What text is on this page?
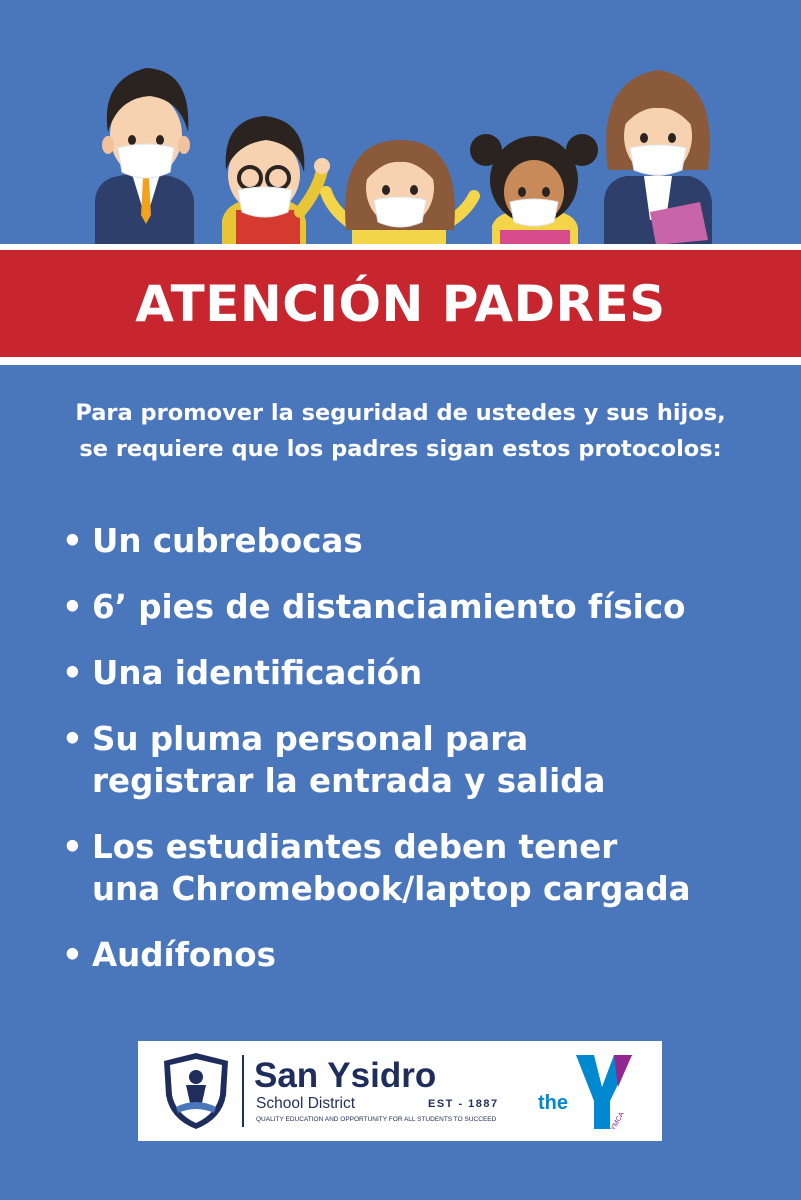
ATENCIÓN PADRES
Para promover la seguridad de ustedes y sus hijos,
se requiere que los padres sigan estos protocolos:
• Un cubrebocas
• 6’ pies de distanciamiento físico
• Una identificación
• Su pluma personal para
registrar la entrada y salida
• Los estudiantes deben tener
una Chromebook/laptop cargada
• Audífonos
San Ysidro
School District	EST - 1887
QUALITY EDUCATION AND OPPORTUNITY FOR ALL STUDENTS TO SUCCEED
the
YMCA
